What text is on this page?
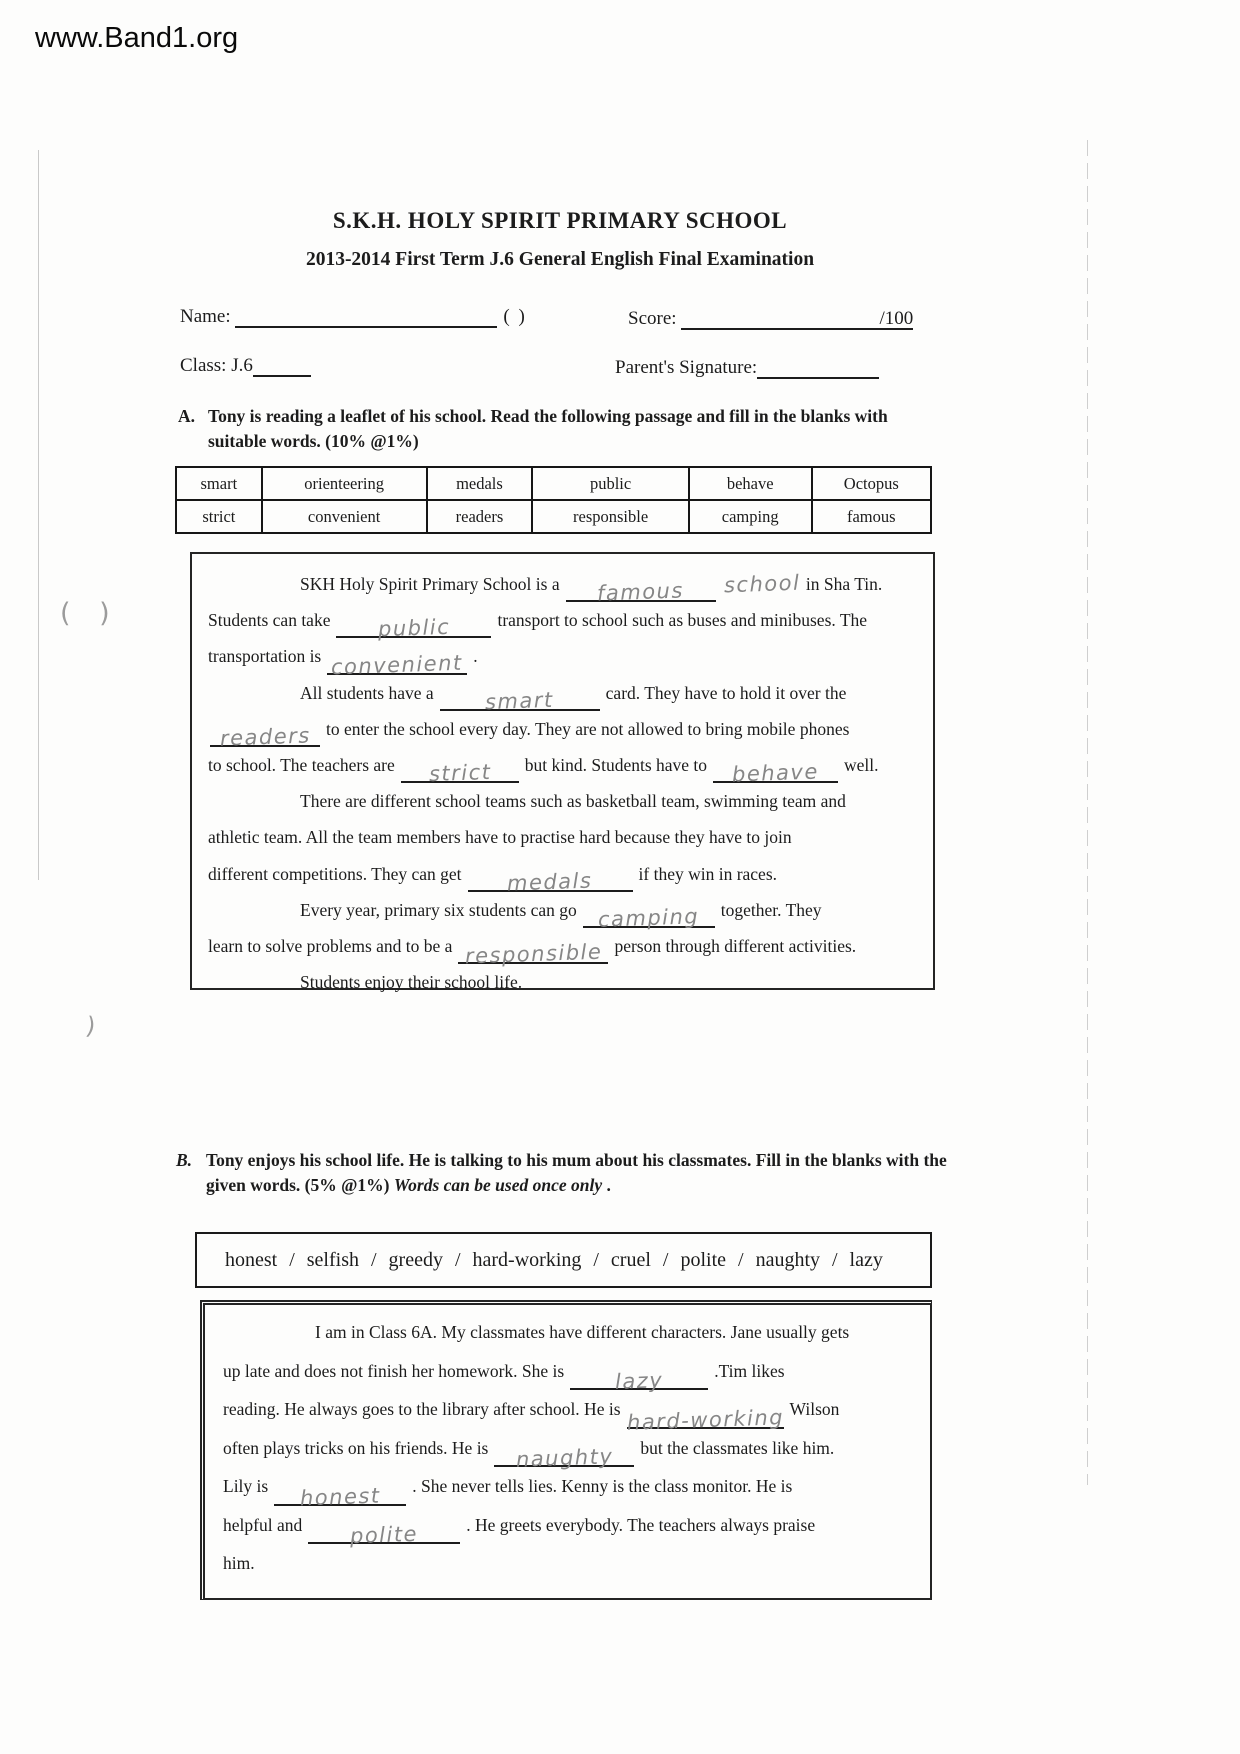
www.Band1.org
( )
)
S.K.H. HOLY SPIRIT PRIMARY SCHOOL
2013-2014 First Term J.6 General English Final Examination
Name:	( )	Score:	/100
Class: J.6	Parent's Signature:
A. Tony is reading a leaflet of his school. Read the following passage and fill in the blanks with suitable words. (10% @1%)
smart	orienteering	medals	public	behave	Octopus
strict	convenient	readers	responsible	camping	famous
SKH Holy Spirit Primary School is a famous school in Sha Tin.
Students can take public	transport to school such as buses and minibuses. The
transportation is convenient .
All students have a smart	card. They have to hold it over the
readers to enter the school every day. They are not allowed to bring mobile phones
to school. The teachers are strict but kind. Students have to behave well.
There are different school teams such as basketball team, swimming team and
athletic team. All the team members have to practise hard because they have to join
different competitions. They can get medals	if they win in races.
Every year, primary six students can go camping together. They
learn to solve problems and to be a responsible person through different activities.
Students enjoy their school life.
B. Tony enjoys his school life. He is talking to his mum about his classmates. Fill in the blanks with the given words. (5% @1%) Words can be used once only .
honest / selfish / greedy / hard-working / cruel / polite / naughty / lazy
I am in Class 6A. My classmates have different characters. Jane usually gets
up late and does not finish her homework. She is lazy	.Tim likes
reading. He always goes to the library after school. He is hard-working Wilson
often plays tricks on his friends. He is naughty but the classmates like him.
Lily is honest . She never tells lies. Kenny is the class monitor. He is
helpful and polite	. He greets everybody. The teachers always praise
him.
